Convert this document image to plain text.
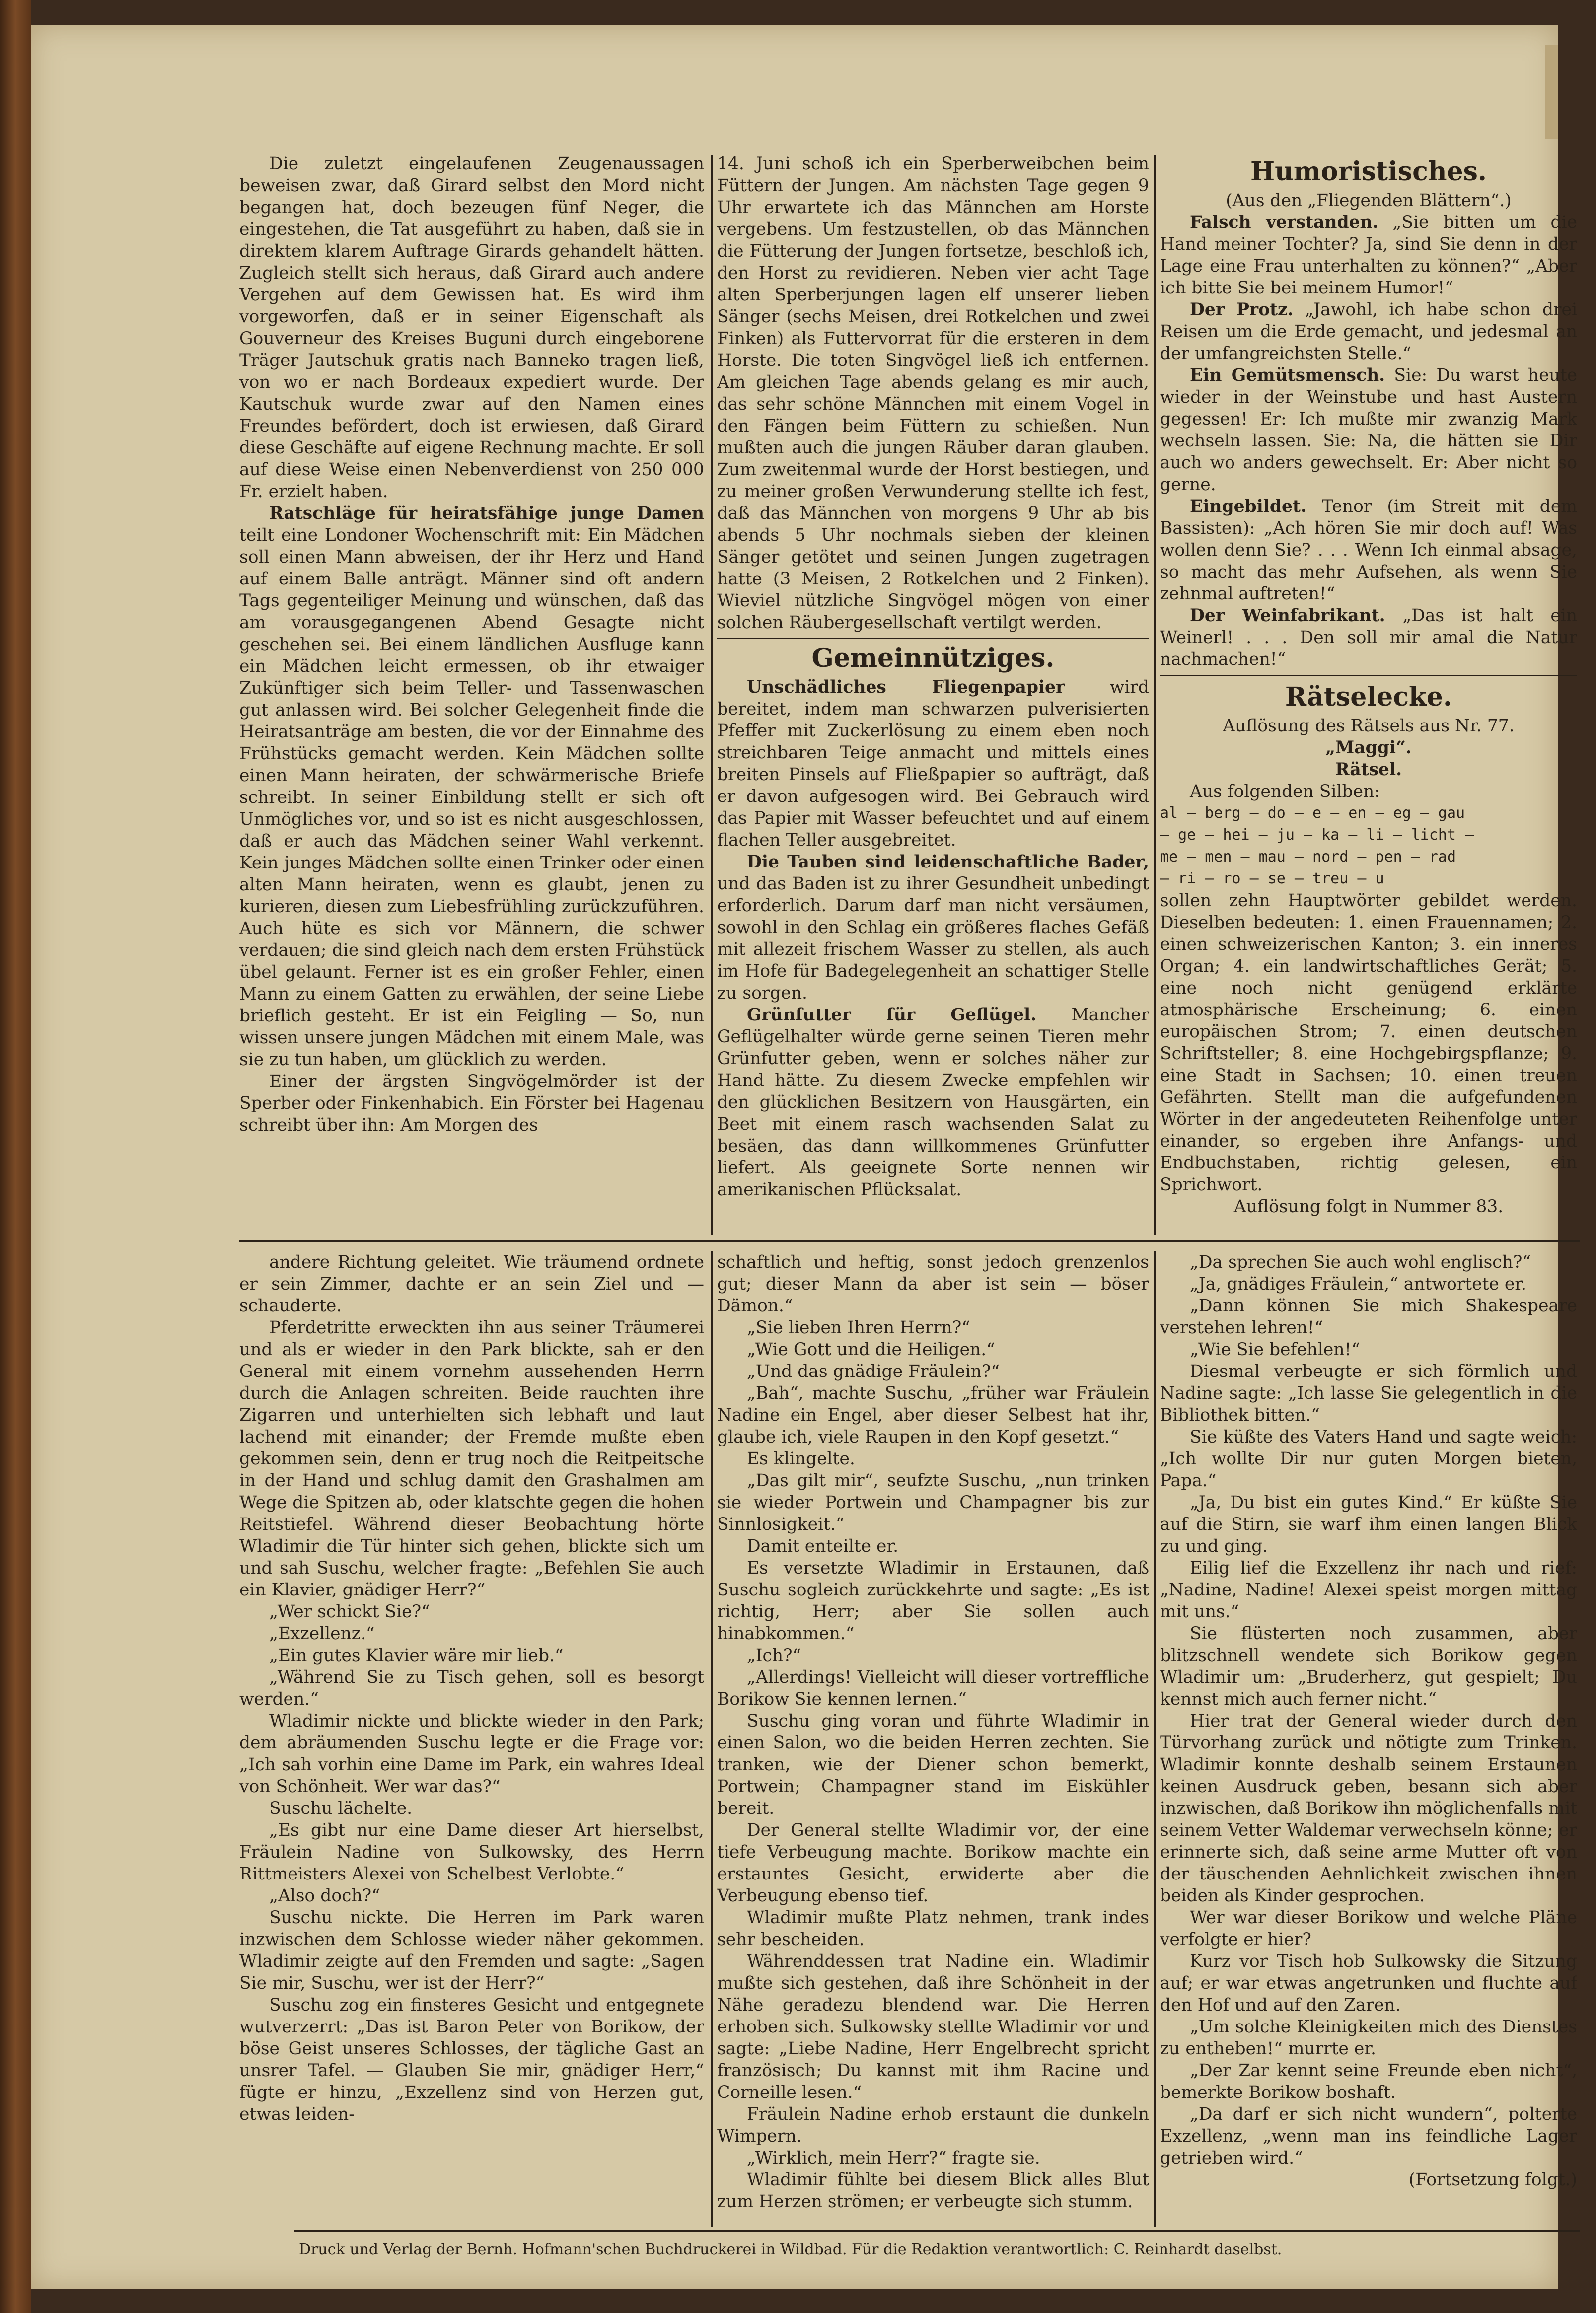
Die zuletzt eingelaufenen Zeugenaussagen beweisen zwar, daß Girard selbst den Mord nicht begangen hat, doch bezeugen fünf Neger, die eingestehen, die Tat ausgeführt zu haben, daß sie in direktem klarem Auftrage Girards gehandelt hätten. Zugleich stellt sich heraus, daß Girard auch andere Vergehen auf dem Gewissen hat. Es wird ihm vorgeworfen, daß er in seiner Eigenschaft als Gouverneur des Kreises Buguni durch eingeborene Träger Jautschuk gratis nach Banneko tragen ließ, von wo er nach Bordeaux expediert wurde. Der Kautschuk wurde zwar auf den Namen eines Freundes befördert, doch ist erwiesen, daß Girard diese Geschäfte auf eigene Rechnung machte. Er soll auf diese Weise einen Nebenverdienst von 250 000 Fr. erzielt haben.

Ratschläge für heiratsfähige junge Damen teilt eine Londoner Wochenschrift mit: Ein Mädchen soll einen Mann abweisen, der ihr Herz und Hand auf einem Balle anträgt. Männer sind oft andern Tags gegenteiliger Meinung und wünschen, daß das am vorausgegangenen Abend Gesagte nicht geschehen sei. Bei einem ländlichen Ausfluge kann ein Mädchen leicht ermessen, ob ihr etwaiger Zukünftiger sich beim Teller- und Tassenwaschen gut anlassen wird. Bei solcher Gelegenheit finde die Heiratsanträge am besten, die vor der Einnahme des Frühstücks gemacht werden. Kein Mädchen sollte einen Mann heiraten, der schwärmerische Briefe schreibt. In seiner Einbildung stellt er sich oft Unmögliches vor, und so ist es nicht ausgeschlossen, daß er auch das Mädchen seiner Wahl verkennt. Kein junges Mädchen sollte einen Trinker oder einen alten Mann heiraten, wenn es glaubt, jenen zu kurieren, diesen zum Liebesfrühling zurückzuführen. Auch hüte es sich vor Männern, die schwer verdauen; die sind gleich nach dem ersten Frühstück übel gelaunt. Ferner ist es ein großer Fehler, einen Mann zu einem Gatten zu erwählen, der seine Liebe brieflich gesteht. Er ist ein Feigling — So, nun wissen unsere jungen Mädchen mit einem Male, was sie zu tun haben, um glücklich zu werden.

Einer der ärgsten Singvögelmörder ist der Sperber oder Finkenhabich. Ein Förster bei Hagenau schreibt über ihn: Am Morgen des

14. Juni schoß ich ein Sperberweibchen beim Füttern der Jungen. Am nächsten Tage gegen 9 Uhr erwartete ich das Männchen am Horste vergebens. Um festzustellen, ob das Männchen die Fütterung der Jungen fortsetze, beschloß ich, den Horst zu revidieren. Neben vier acht Tage alten Sperberjungen lagen elf unserer lieben Sänger (sechs Meisen, drei Rotkelchen und zwei Finken) als Futtervorrat für die ersteren in dem Horste. Die toten Singvögel ließ ich entfernen. Am gleichen Tage abends gelang es mir auch, das sehr schöne Männchen mit einem Vogel in den Fängen beim Füttern zu schießen. Nun mußten auch die jungen Räuber daran glauben. Zum zweitenmal wurde der Horst bestiegen, und zu meiner großen Verwunderung stellte ich fest, daß das Männchen von morgens 9 Uhr ab bis abends 5 Uhr nochmals sieben der kleinen Sänger getötet und seinen Jungen zugetragen hatte (3 Meisen, 2 Rotkelchen und 2 Finken). Wieviel nützliche Singvögel mögen von einer solchen Räubergesellschaft vertilgt werden.

Gemeinnütziges.

Unschädliches Fliegenpapier	wird bereitet, indem man schwarzen pulverisierten Pfeffer mit Zuckerlösung zu einem eben noch streichbaren Teige anmacht und mittels eines breiten Pinsels auf Fließpapier so aufträgt, daß er davon aufgesogen wird. Bei Gebrauch wird das Papier mit Wasser befeuchtet und auf einem flachen Teller ausgebreitet.

Die Tauben sind leidenschaftliche Bader, und das Baden ist zu ihrer Gesundheit unbedingt erforderlich. Darum darf man nicht versäumen, sowohl in den Schlag ein größeres flaches Gefäß mit allezeit frischem Wasser zu stellen, als auch im Hofe für Badegelegenheit an schattiger Stelle zu sorgen.

Grünfutter für Geflügel. Mancher Geflügelhalter würde gerne seinen Tieren mehr Grünfutter geben, wenn er solches näher zur Hand hätte. Zu diesem Zwecke empfehlen wir den glücklichen Besitzern von Hausgärten, ein Beet mit einem rasch wachsenden Salat zu besäen, das dann willkommenes Grünfutter liefert. Als geeignete Sorte nennen wir amerikanischen Pflücksalat.

Humoristisches.

(Aus den „Fliegenden Blättern“.)

Falsch verstanden. „Sie bitten um die Hand meiner Tochter? Ja, sind Sie denn in der Lage eine Frau unterhalten zu können?“ „Aber ich bitte Sie bei meinem Humor!“

Der Protz. „Jawohl, ich habe schon drei Reisen um die Erde gemacht, und jedesmal an der umfangreichsten Stelle.“

Ein Gemütsmensch. Sie: Du warst heute wieder in der Weinstube und hast Austern gegessen! Er: Ich mußte mir zwanzig Mark wechseln lassen. Sie: Na, die hätten sie Dir auch wo anders gewechselt. Er: Aber nicht so gerne.

Eingebildet. Tenor (im Streit mit dem Bassisten): „Ach hören Sie mir doch auf! Was wollen denn Sie? . . . Wenn Ich einmal absage, so macht das mehr Aufsehen, als wenn Sie zehnmal auftreten!“

Der Weinfabrikant. „Das ist halt ein Weinerl! . . . Den soll mir amal die Natur nachmachen!“

Rätselecke.

Auflösung des Rätsels aus Nr. 77.

„Maggi“.

Rätsel.

Aus folgenden Silben:

al — berg — do — e — en — eg — gau

— ge — hei — ju — ka — li — licht —

me — men — mau — nord — pen — rad

— ri — ro — se — treu — u

sollen zehn Hauptwörter gebildet werden. Dieselben bedeuten: 1. einen Frauennamen; 2. einen schweizerischen Kanton; 3. ein inneres Organ; 4. ein landwirtschaftliches Gerät; 5. eine noch nicht genügend erklärte atmosphärische Erscheinung; 6. einen europäischen Strom; 7. einen deutschen Schriftsteller; 8. eine Hochgebirgspflanze; 9. eine Stadt in Sachsen; 10. einen treuen Gefährten. Stellt man die aufgefundenen Wörter in der angedeuteten Reihenfolge unter einander, so ergeben ihre Anfangs- und Endbuchstaben, richtig gelesen, ein Sprichwort.

Auflösung folgt in Nummer 83.

andere Richtung geleitet. Wie träumend ordnete er sein Zimmer, dachte er an sein Ziel und — schauderte.

Pferdetritte erweckten ihn aus seiner Träumerei und als er wieder in den Park blickte, sah er den General mit einem vornehm aussehenden Herrn durch die Anlagen schreiten. Beide rauchten ihre Zigarren und unterhielten sich lebhaft und laut lachend mit einander; der Fremde mußte eben gekommen sein, denn er trug noch die Reitpeitsche in der Hand und schlug damit den Grashalmen am Wege die Spitzen ab, oder klatschte gegen die hohen Reitstiefel. Während dieser Beobachtung hörte Wladimir die Tür hinter sich gehen, blickte sich um und sah Suschu, welcher fragte: „Befehlen Sie auch ein Klavier, gnädiger Herr?“

„Wer schickt Sie?“

„Exzellenz.“

„Ein gutes Klavier wäre mir lieb.“

„Während Sie zu Tisch gehen, soll es besorgt werden.“

Wladimir nickte und blickte wieder in den Park; dem abräumenden Suschu legte er die Frage vor: „Ich sah vorhin eine Dame im Park, ein wahres Ideal von Schönheit. Wer war das?“

Suschu lächelte.

„Es gibt nur eine Dame dieser Art hierselbst, Fräulein Nadine von Sulkowsky, des Herrn Rittmeisters Alexei von Schelbest Verlobte.“

„Also doch?“

Suschu nickte. Die Herren im Park waren inzwischen dem Schlosse wieder näher gekommen. Wladimir zeigte auf den Fremden und sagte: „Sagen Sie mir, Suschu, wer ist der Herr?“

Suschu zog ein finsteres Gesicht und entgegnete wutverzerrt: „Das ist Baron Peter von Borikow, der böse Geist unseres Schlosses, der tägliche Gast an unsrer Tafel. — Glauben Sie mir, gnädiger Herr,“ fügte er hinzu, „Exzellenz sind von Herzen gut, etwas leiden-

schaftlich und heftig, sonst jedoch grenzenlos gut; dieser Mann da aber ist sein — böser Dämon.“

„Sie lieben Ihren Herrn?“

„Wie Gott und die Heiligen.“

„Und das gnädige Fräulein?“

„Bah“, machte Suschu, „früher war Fräulein Nadine ein Engel, aber dieser Selbest hat ihr, glaube ich, viele Raupen in den Kopf gesetzt.“

Es klingelte.

„Das gilt mir“, seufzte Suschu, „nun trinken sie wieder Portwein und Champagner bis zur Sinnlosigkeit.“

Damit enteilte er.

Es versetzte Wladimir in Erstaunen, daß Suschu sogleich zurückkehrte und sagte: „Es ist richtig, Herr; aber Sie sollen auch hinabkommen.“

„Ich?“

„Allerdings! Vielleicht will dieser vortreffliche Borikow Sie kennen lernen.“

Suschu ging voran und führte Wladimir in einen Salon, wo die beiden Herren zechten. Sie tranken, wie der Diener schon bemerkt, Portwein; Champagner stand im Eiskühler bereit.

Der General stellte Wladimir vor, der eine tiefe Verbeugung machte. Borikow machte ein erstauntes Gesicht, erwiderte aber die Verbeugung ebenso tief.

Wladimir mußte Platz nehmen, trank indes sehr bescheiden.

Währenddessen trat Nadine ein. Wladimir mußte sich gestehen, daß ihre Schönheit in der Nähe geradezu blendend war. Die Herren erhoben sich. Sulkowsky stellte Wladimir vor und sagte: „Liebe Nadine, Herr Engelbrecht spricht französisch; Du kannst mit ihm Racine und Corneille lesen.“

Fräulein Nadine erhob erstaunt die dunkeln Wimpern.

„Wirklich, mein Herr?“ fragte sie.

Wladimir fühlte bei diesem Blick alles Blut zum Herzen strömen; er verbeugte sich stumm.

„Da sprechen Sie auch wohl englisch?“

„Ja, gnädiges Fräulein,“ antwortete er.

„Dann können Sie mich Shakespeare verstehen lehren!“

„Wie Sie befehlen!“

Diesmal verbeugte er sich förmlich und Nadine sagte: „Ich lasse Sie gelegentlich in die Bibliothek bitten.“

Sie küßte des Vaters Hand und sagte weich: „Ich wollte Dir nur guten Morgen bieten, Papa.“

„Ja, Du bist ein gutes Kind.“ Er küßte Sie auf die Stirn, sie warf ihm einen langen Blick zu und ging.

Eilig lief die Exzellenz ihr nach und rief: „Nadine, Nadine! Alexei speist morgen mittag mit uns.“

Sie flüsterten noch zusammen, aber blitzschnell wendete sich Borikow gegen Wladimir um: „Bruderherz, gut gespielt; Du kennst mich auch ferner nicht.“

Hier trat der General wieder durch den Türvorhang zurück und nötigte zum Trinken. Wladimir konnte deshalb seinem Erstaunen keinen Ausdruck geben, besann sich aber inzwischen, daß Borikow ihn möglichenfalls mit seinem Vetter Waldemar verwechseln könne; er erinnerte sich, daß seine arme Mutter oft von der täuschenden Aehnlichkeit zwischen ihnen beiden als Kinder gesprochen.

Wer war dieser Borikow und welche Pläne verfolgte er hier?

Kurz vor Tisch hob Sulkowsky die Sitzung auf; er war etwas angetrunken und fluchte auf den Hof und auf den Zaren.

„Um solche Kleinigkeiten mich des Dienstes zu entheben!“ murrte er.

„Der Zar kennt seine Freunde eben nicht“, bemerkte Borikow boshaft.

„Da darf er sich nicht wundern“, polterte Exzellenz, „wenn man ins feindliche Lager getrieben wird.“

(Fortsetzung folgt.)

Druck und Verlag der Bernh. Hofmann'schen Buchdruckerei in Wildbad. Für die Redaktion verantwortlich: C. Reinhardt daselbst.
